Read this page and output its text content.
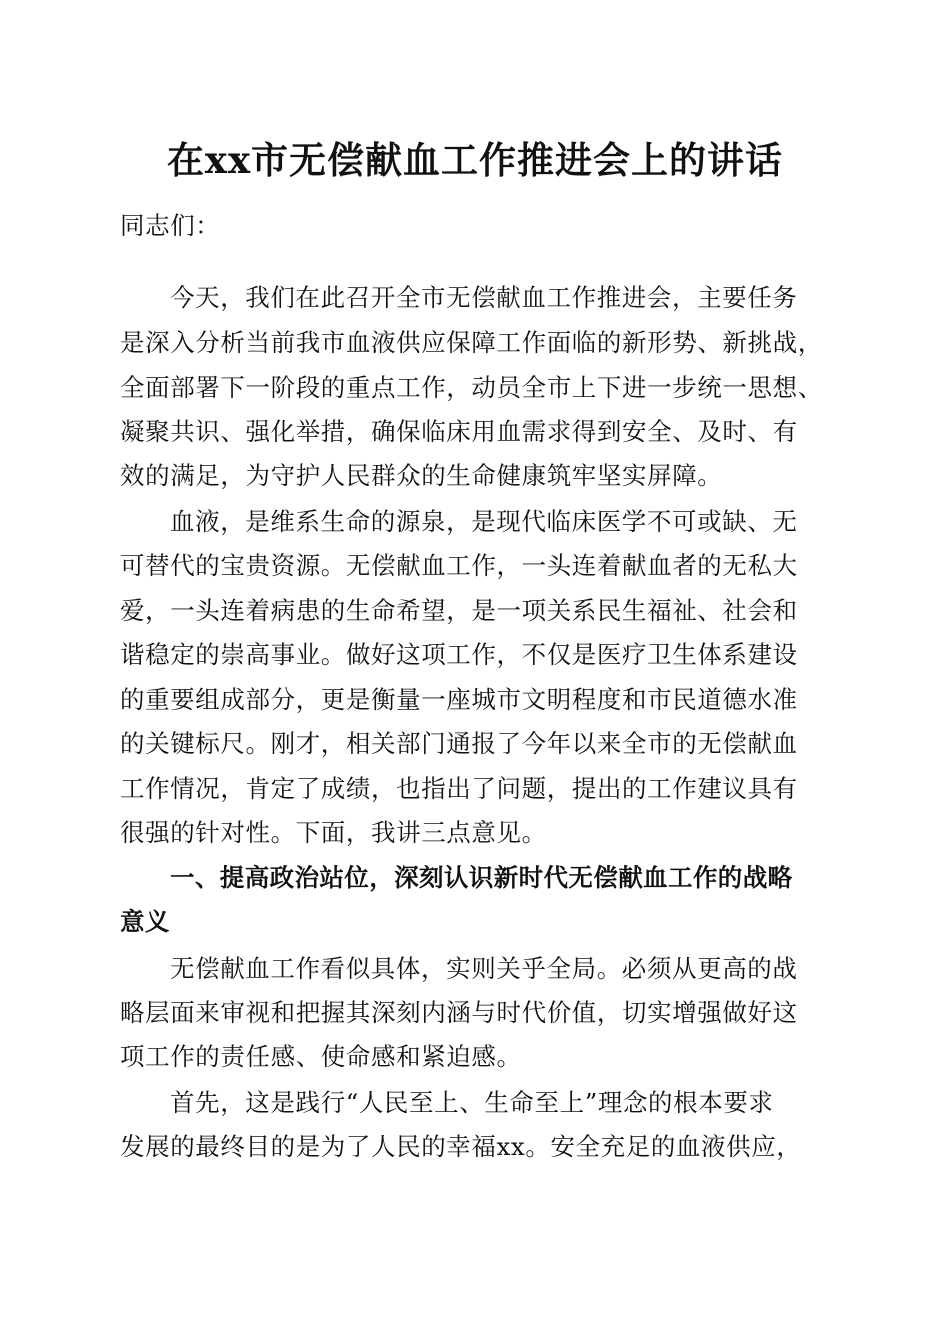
在xx市无偿献血工作推进会上的讲话
同志们：
今天，我们在此召开全市无偿献血工作推进会，主要任务
是深入分析当前我市血液供应保障工作面临的新形势、新挑战，
全面部署下一阶段的重点工作，动员全市上下进一步统一思想、
凝聚共识、强化举措，确保临床用血需求得到安全、及时、有
效的满足，为守护人民群众的生命健康筑牢坚实屏障。
血液，是维系生命的源泉，是现代临床医学不可或缺、无
可替代的宝贵资源。无偿献血工作，一头连着献血者的无私大
爱，一头连着病患的生命希望，是一项关系民生福祉、社会和
谐稳定的崇高事业。做好这项工作，不仅是医疗卫生体系建设
的重要组成部分，更是衡量一座城市文明程度和市民道德水准
的关键标尺。刚才，相关部门通报了今年以来全市的无偿献血
工作情况，肯定了成绩，也指出了问题，提出的工作建议具有
很强的针对性。下面，我讲三点意见。
一、提高政治站位，深刻认识新时代无偿献血工作的战略
意义
无偿献血工作看似具体，实则关乎全局。必须从更高的战
略层面来审视和把握其深刻内涵与时代价值，切实增强做好这
项工作的责任感、使命感和紧迫感。
首先，这是践行“人民至上、生命至上”理念的根本要求
发展的最终目的是为了人民的幸福xx。安全充足的血液供应，
